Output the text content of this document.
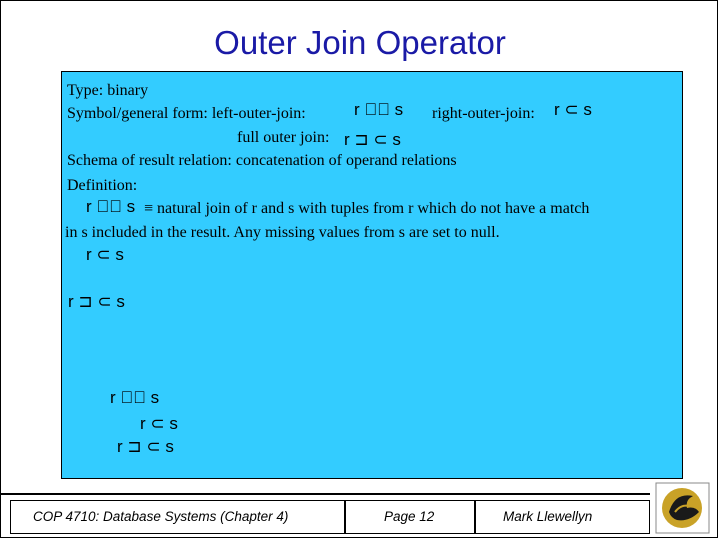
Outer Join Operator
Type: binary
Symbol/general form: left-outer-join:	r ⊐⃞ s right-outer-join: r ⊂ s
full outer join: r ⊐ ⊂ s
Schema of result relation: concatenation of operand relations
Definition:
r ⊐⃞ s ≡ natural join of r and s with tuples from r which do not have a match
in s included in the result. Any missing values from s are set to null.
r ⊂ s
r ⊐ ⊂ s
r ⊐⃞ s
r ⊂ s
r ⊐ ⊂ s
COP 4710: Database Systems (Chapter 4)	Page 12	Mark Llewellyn
